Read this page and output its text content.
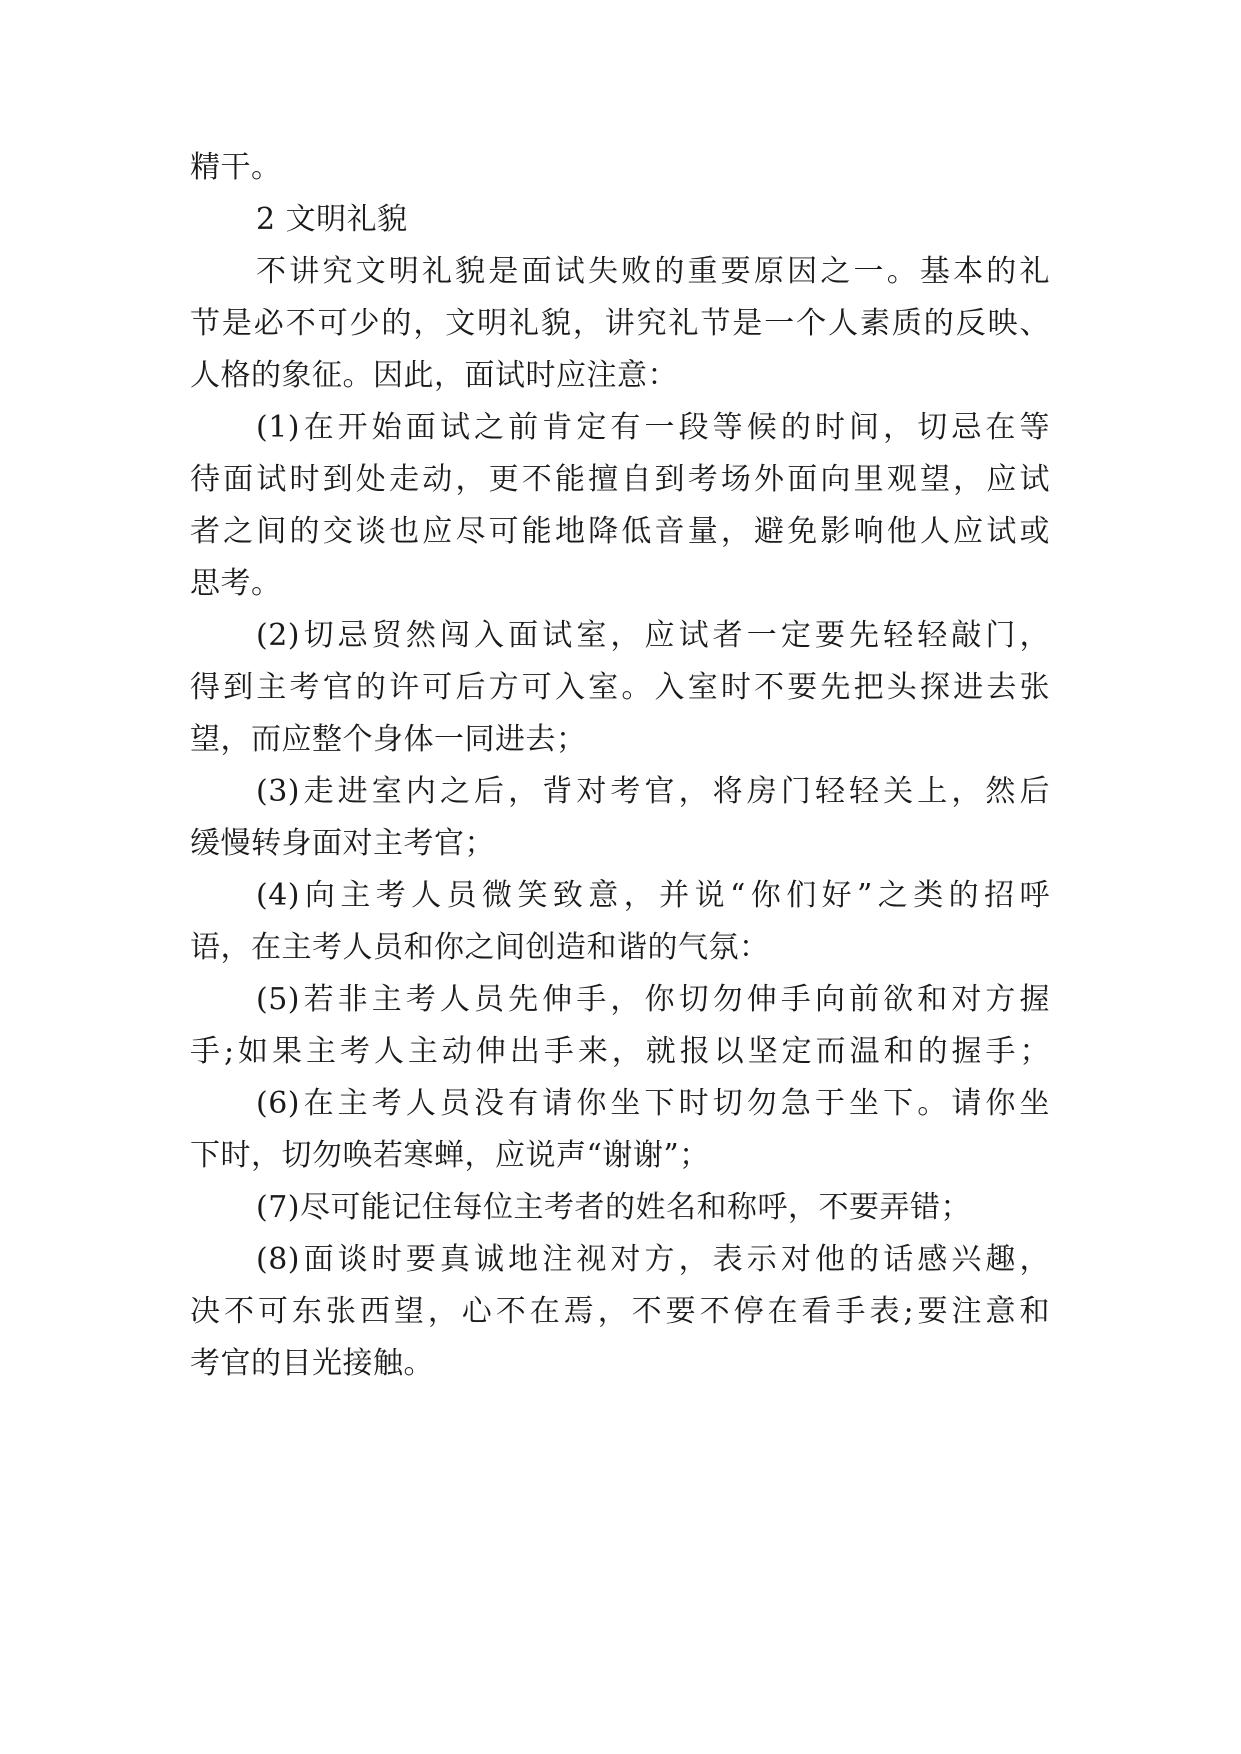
精干。
2 文明礼貌
不讲究文明礼貌是面试失败的重要原因之一。基本的礼
节是必不可少的，文明礼貌，讲究礼节是一个人素质的反映、
人格的象征。因此，面试时应注意：
(1)在开始面试之前肯定有一段等候的时间，切忌在等
待面试时到处走动，更不能擅自到考场外面向里观望，应试
者之间的交谈也应尽可能地降低音量，避免影响他人应试或
思考。
(2)切忌贸然闯入面试室，应试者一定要先轻轻敲门，
得到主考官的许可后方可入室。入室时不要先把头探进去张
望，而应整个身体一同进去；
(3)走进室内之后，背对考官，将房门轻轻关上，然后
缓慢转身面对主考官；
(4)向主考人员微笑致意，并说“你们好”之类的招呼
语，在主考人员和你之间创造和谐的气氛：
(5)若非主考人员先伸手，你切勿伸手向前欲和对方握
手;如果主考人主动伸出手来，就报以坚定而温和的握手；
(6)在主考人员没有请你坐下时切勿急于坐下。请你坐
下时，切勿唤若寒蝉，应说声“谢谢”；
(7)尽可能记住每位主考者的姓名和称呼，不要弄错；
(8)面谈时要真诚地注视对方，表示对他的话感兴趣，
决不可东张西望，心不在焉，不要不停在看手表;要注意和
考官的目光接触。
